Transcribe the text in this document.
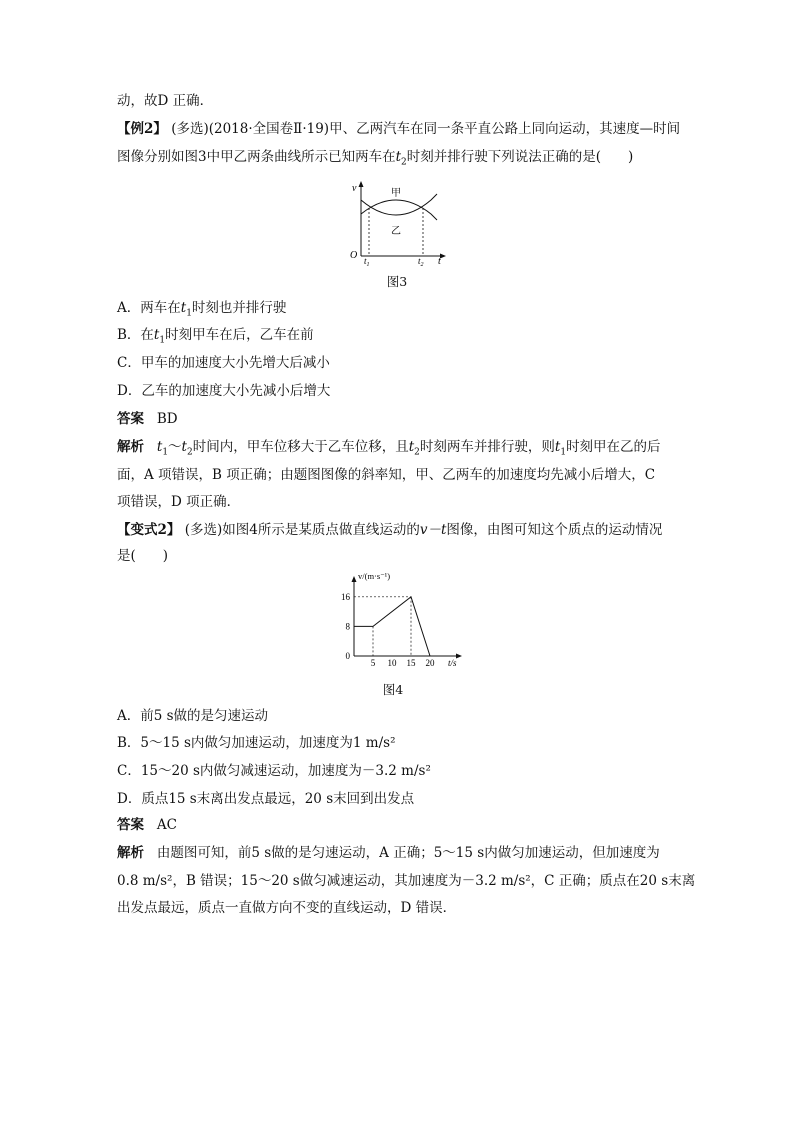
动，故D 正确．
【例2】 (多选)(2018·全国卷Ⅱ·19)甲、乙两汽车在同一条平直公路上同向运动，其速度—时间
图像分别如图3中甲乙两条曲线所示已知两车在$t_2$时刻并排行驶下列说法正确的是(　　)
v
O
t
$t_1$	$t_2$
甲
乙
图3
A．两车在$t_1$时刻也并排行驶
B．在$t_1$时刻甲车在后，乙车在前
C．甲车的加速度大小先增大后减小
D．乙车的加速度大小先减小后增大
答案 BD
解析 $t_1\sim t_2$时间内，甲车位移大于乙车位移，且$t_2$时刻两车并排行驶，则$t_1$时刻甲在乙的后
面，A 项错误，B 项正确；由题图图像的斜率知，甲、乙两车的加速度均先减小后增大，C
项错误，D 项正确．
【变式2】 (多选)如图4所示是某质点做直线运动的v－t图像，由图可知这个质点的运动情况
是(　　)
v/(m·s⁻¹)
t/s
0
8
16
5 10 15 20
图4
A．前5 s做的是匀速运动
B．5～15 s内做匀加速运动，加速度为1 m/s²
C．15～20 s内做匀减速运动，加速度为－3.2 m/s²
D．质点15 s末离出发点最远，20 s末回到出发点
答案 AC
解析 由题图可知，前5 s做的是匀速运动，A 正确；5～15 s内做匀加速运动，但加速度为
0.8 m/s²，B 错误；15～20 s做匀减速运动，其加速度为－3.2 m/s²，C 正确；质点在20 s末离
出发点最远，质点一直做方向不变的直线运动，D 错误．
